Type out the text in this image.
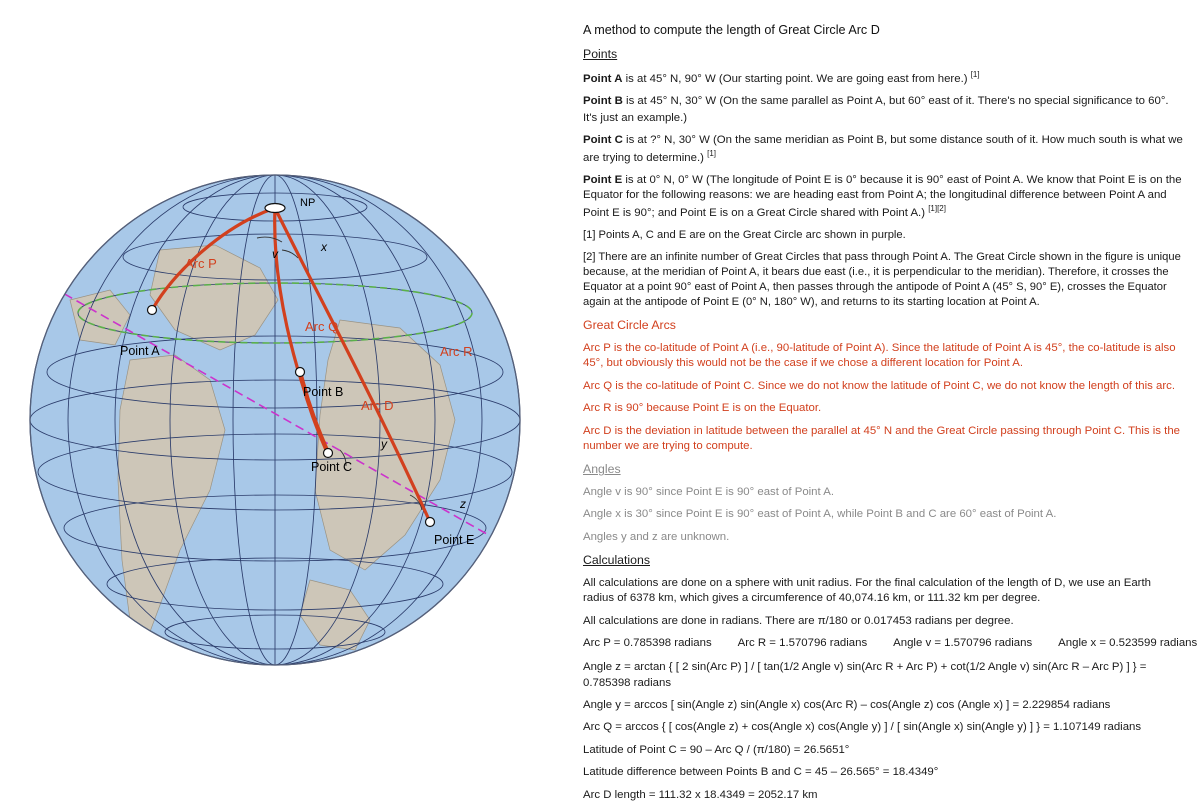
NP
v	x
y
z
Arc P
Arc Q
Arc R
Arc D
Point A
Point B
Point C
Point E

A method to compute the length of Great Circle Arc D

Points

Point A is at 45° N, 90° W (Our starting point. We are going east from here.) [1]

Point B is at 45° N, 30° W (On the same parallel as Point A, but 60° east of it. There's no special significance to 60°. It's just an example.)

Point C is at ?° N, 30° W (On the same meridian as Point B, but some distance south of it. How much south is what we are trying to determine.) [1]

Point E is at 0° N, 0° W (The longitude of Point E is 0° because it is 90° east of Point A. We know that Point E is on the Equator for the following reasons: we are heading east from Point A; the longitudinal difference between Point A and Point E is 90°; and Point E is on a Great Circle shared with Point A.) [1][2]

[1] Points A, C and E are on the Great Circle arc shown in purple.

[2] There are an infinite number of Great Circles that pass through Point A. The Great Circle shown in the figure is unique because, at the meridian of Point A, it bears due east (i.e., it is perpendicular to the meridian). Therefore, it crosses the Equator at a point 90° east of Point A, then passes through the antipode of Point A (45° S, 90° E), crosses the Equator again at the antipode of Point E (0° N, 180° W), and returns to its starting location at Point A.

Great Circle Arcs

Arc P is the co-latitude of Point A (i.e., 90-latitude of Point A). Since the latitude of Point A is 45°, the co-latitude is also 45°, but obviously this would not be the case if we chose a different location for Point A.

Arc Q is the co-latitude of Point C. Since we do not know the latitude of Point C, we do not know the length of this arc.

Arc R is 90° because Point E is on the Equator.

Arc D is the deviation in latitude between the parallel at 45° N and the Great Circle passing through Point C. This is the number we are trying to compute.

Angles

Angle v is 90° since Point E is 90° east of Point A.

Angle x is 30° since Point E is 90° east of Point A, while Point B and C are 60° east of Point A.

Angles y and z are unknown.

Calculations

All calculations are done on a sphere with unit radius. For the final calculation of the length of D, we use an Earth radius of 6378 km, which gives a circumference of 40,074.16 km, or 111.32 km per degree.

All calculations are done in radians. There are π/180 or 0.017453 radians per degree.

Arc P = 0.785398 radians Arc R = 1.570796 radians Angle v = 1.570796 radians Angle x = 0.523599 radians

Angle z = arctan { [ 2 sin(Arc P) ] / [ tan(1/2 Angle v) sin(Arc R + Arc P) + cot(1/2 Angle v) sin(Arc R – Arc P) ] } = 0.785398 radians

Angle y = arccos [ sin(Angle z) sin(Angle x) cos(Arc R) – cos(Angle z) cos (Angle x) ] = 2.229854 radians

Arc Q = arccos { [ cos(Angle z) + cos(Angle x) cos(Angle y) ] / [ sin(Angle x) sin(Angle y) ] } = 1.107149 radians

Latitude of Point C = 90 – Arc Q / (π/180) = 26.5651°

Latitude difference between Points B and C = 45 – 26.565° = 18.4349°

Arc D length = 111.32 x 18.4349 = 2052.17 km
